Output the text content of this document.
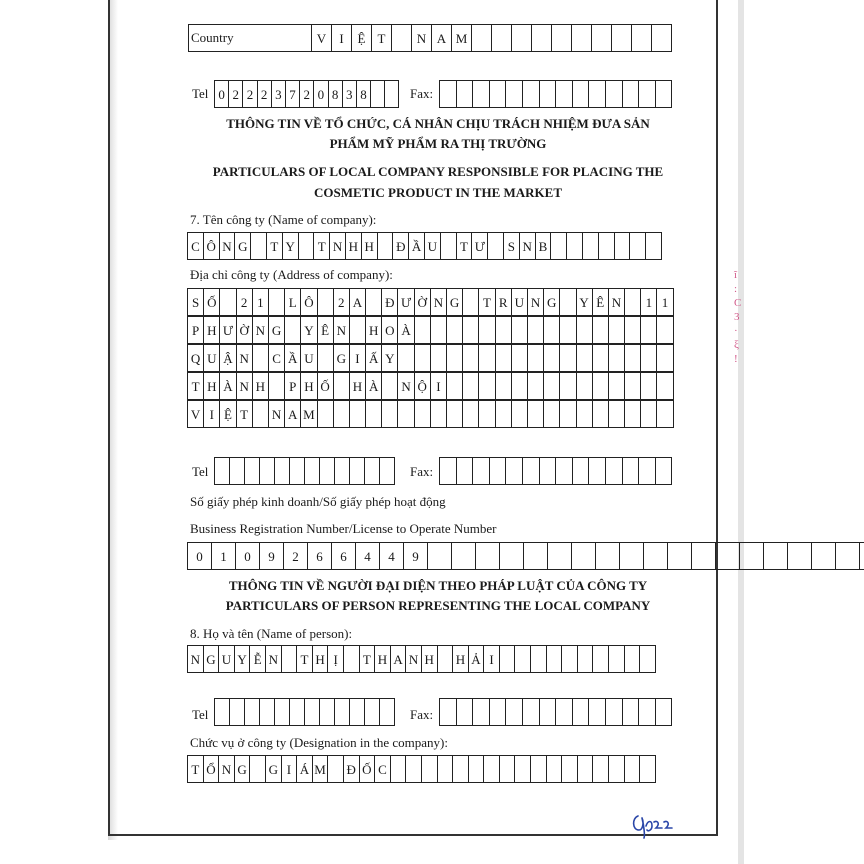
ĩ
:
C
3
·
ξ
!
Country	V	I	Ệ T	N A M
Tel 0 2 2 2 3 7 2 0 8 3 8	Fax:
THÔNG TIN VỀ TỔ CHỨC, CÁ NHÂN CHỊU TRÁCH NHIỆM ĐƯA SẢN
PHẨM MỸ PHẨM RA THỊ TRƯỜNG
PARTICULARS OF LOCAL COMPANY RESPONSIBLE FOR PLACING THE
COSMETIC PRODUCT IN THE MARKET
7. Tên công ty (Name of company):
C Ô N G	T Y	T N H H Đ Ầ U	T Ư	S N B
Địa chỉ công ty (Address of company):
S Ố	2 1	L Ô	2 A	Đ Ư Ờ N G	T R U N G	Y Ê N	1 1
P H Ư Ờ N G	Y Ê N	H O À
Q U Ậ N	C Ầ U	G I Ấ Y
T H À N H	P H Ố	H À	N Ộ I
V I Ệ T	N A M
Tel	Fax:
Số giấy phép kinh doanh/Số giấy phép hoạt động
Business Registration Number/License to Operate Number
0	1	0	9	2	6	6	4	4	9
THÔNG TIN VỀ NGƯỜI ĐẠI DIỆN THEO PHÁP LUẬT CỦA CÔNG TY
PARTICULARS OF PERSON REPRESENTING THE LOCAL COMPANY
8. Họ và tên (Name of person):
N G U Y Ễ N	T H Ị	T H A N H H Ả I
Tel	Fax:
Chức vụ ở công ty (Designation in the company):
T Ổ N G G I Á M Đ Ố C
